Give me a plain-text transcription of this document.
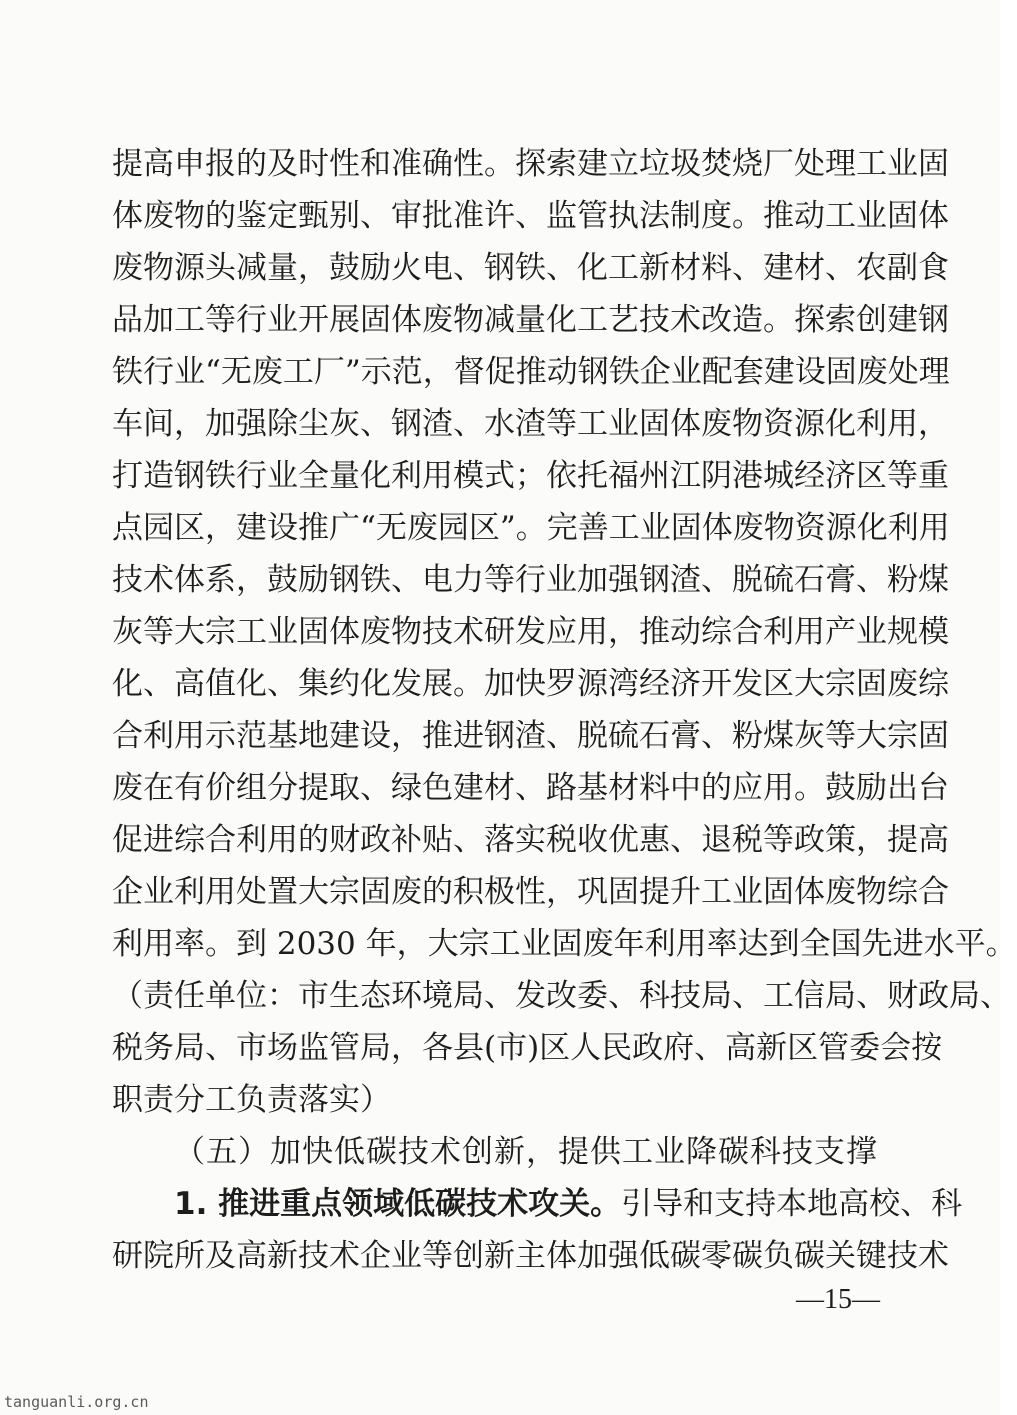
提高申报的及时性和准确性。探索建立垃圾焚烧厂处理工业固
体废物的鉴定甄别、审批准许、监管执法制度。推动工业固体
废物源头减量，鼓励火电、钢铁、化工新材料、建材、农副食
品加工等行业开展固体废物减量化工艺技术改造。探索创建钢
铁行业“无废工厂”示范，督促推动钢铁企业配套建设固废处理
车间，加强除尘灰、钢渣、水渣等工业固体废物资源化利用，
打造钢铁行业全量化利用模式；依托福州江阴港城经济区等重
点园区，建设推广“无废园区”。完善工业固体废物资源化利用
技术体系，鼓励钢铁、电力等行业加强钢渣、脱硫石膏、粉煤
灰等大宗工业固体废物技术研发应用，推动综合利用产业规模
化、高值化、集约化发展。加快罗源湾经济开发区大宗固废综
合利用示范基地建设，推进钢渣、脱硫石膏、粉煤灰等大宗固
废在有价组分提取、绿色建材、路基材料中的应用。鼓励出台
促进综合利用的财政补贴、落实税收优惠、退税等政策，提高
企业利用处置大宗固废的积极性，巩固提升工业固体废物综合
利用率。到 2030 年，大宗工业固废年利用率达到全国先进水平。
（责任单位：市生态环境局、发改委、科技局、工信局、财政局、
税务局、市场监管局，各县(市)区人民政府、高新区管委会按
职责分工负责落实）
（五）加快低碳技术创新，提供工业降碳科技支撑
1. 推进重点领域低碳技术攻关。引导和支持本地高校、科
研院所及高新技术企业等创新主体加强低碳零碳负碳关键技术
—15—
tanguanli.org.cn
